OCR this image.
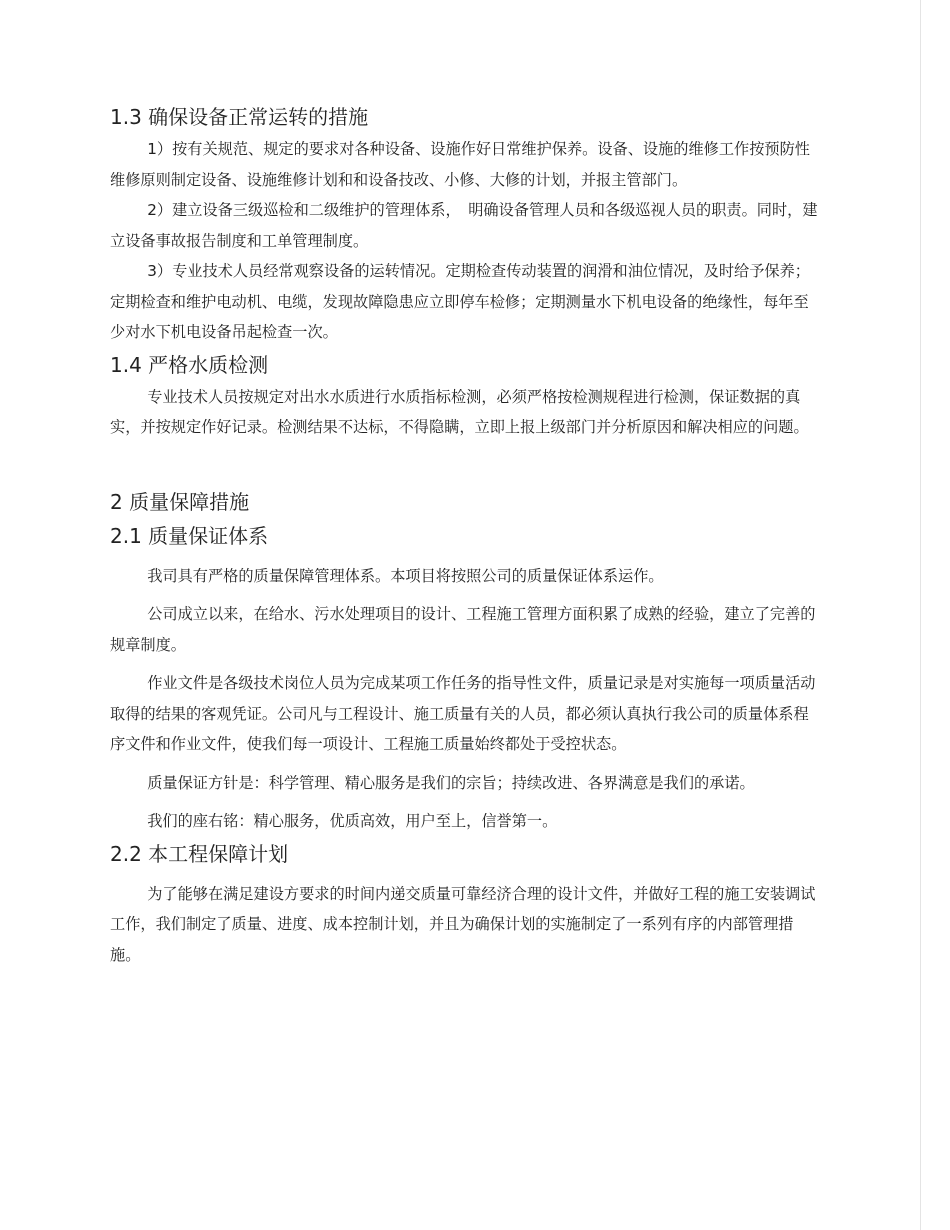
1.3 确保设备正常运转的措施

1）按有关规范、规定的要求对各种设备、设施作好日常维护保养。设备、设施的维修工作按预防性维修原则制定设备、设施维修计划和和设备技改、小修、大修的计划，并报主管部门。

2）建立设备三级巡检和二级维护的管理体系，　明确设备管理人员和各级巡视人员的职责。同时，建立设备事故报告制度和工单管理制度。

3）专业技术人员经常观察设备的运转情况。定期检查传动装置的润滑和油位情况，及时给予保养；定期检查和维护电动机、电缆，发现故障隐患应立即停车检修；定期测量水下机电设备的绝缘性，每年至少对水下机电设备吊起检查一次。

1.4 严格水质检测

专业技术人员按规定对出水水质进行水质指标检测，必须严格按检测规程进行检测，保证数据的真实，并按规定作好记录。检测结果不达标，不得隐瞒，立即上报上级部门并分析原因和解决相应的问题。

2 质量保障措施
2.1 质量保证体系

我司具有严格的质量保障管理体系。本项目将按照公司的质量保证体系运作。

公司成立以来，在给水、污水处理项目的设计、工程施工管理方面积累了成熟的经验，建立了完善的规章制度。

作业文件是各级技术岗位人员为完成某项工作任务的指导性文件，质量记录是对实施每一项质量活动取得的结果的客观凭证。公司凡与工程设计、施工质量有关的人员，都必须认真执行我公司的质量体系程序文件和作业文件，使我们每一项设计、工程施工质量始终都处于受控状态。

质量保证方针是：科学管理、精心服务是我们的宗旨；持续改进、各界满意是我们的承诺。

我们的座右铭：精心服务，优质高效，用户至上，信誉第一。

2.2 本工程保障计划

为了能够在满足建设方要求的时间内递交质量可靠经济合理的设计文件，并做好工程的施工安装调试工作，我们制定了质量、进度、成本控制计划，并且为确保计划的实施制定了一系列有序的内部管理措施。
